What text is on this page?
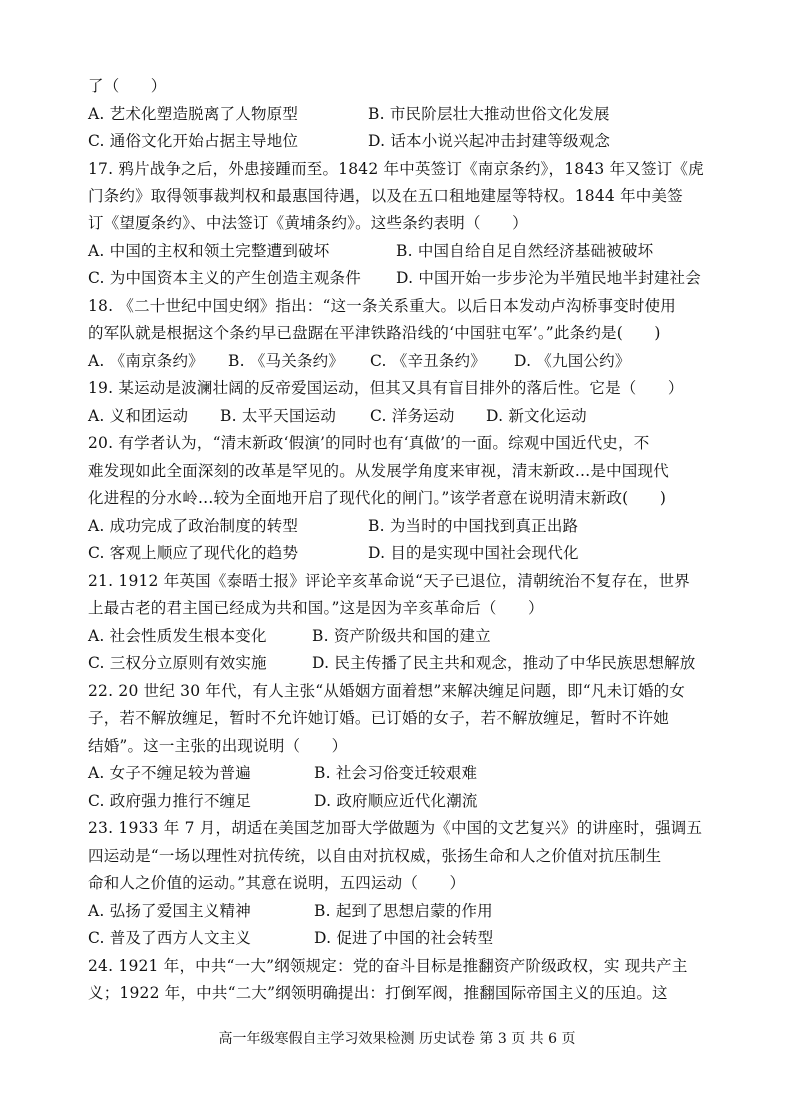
了（　　）
A. 艺术化塑造脱离了人物原型	B. 市民阶层壮大推动世俗文化发展
C. 通俗文化开始占据主导地位	D. 话本小说兴起冲击封建等级观念
17. 鸦片战争之后，外患接踵而至。1842 年中英签订《南京条约》，1843 年又签订《虎
门条约》取得领事裁判权和最惠国待遇，以及在五口租地建屋等特权。1844 年中美签
订《望厦条约》、中法签订《黄埔条约》。这些条约表明（　　）
A. 中国的主权和领土完整遭到破坏	B. 中国自给自足自然经济基础被破坏
C. 为中国资本主义的产生创造主观条件 D. 中国开始一步步沦为半殖民地半封建社会
18. 《二十世纪中国史纲》指出：“这一条关系重大。以后日本发动卢沟桥事变时使用
的军队就是根据这个条约早已盘踞在平津铁路沿线的‘中国驻屯军’。”此条约是(　　)
A. 《南京条约》 B. 《马关条约》 C. 《辛丑条约》 D. 《九国公约》
19. 某运动是波澜壮阔的反帝爱国运动，但其又具有盲目排外的落后性。它是（　　）
A. 义和团运动 B. 太平天国运动 C. 洋务运动 D. 新文化运动
20. 有学者认为，“清末新政‘假演’的同时也有‘真做’的一面。综观中国近代史，不
难发现如此全面深刻的改革是罕见的。从发展学角度来审视，清末新政…是中国现代
化进程的分水岭…较为全面地开启了现代化的闸门。”该学者意在说明清末新政(　　)
A. 成功完成了政治制度的转型	B. 为当时的中国找到真正出路
C. 客观上顺应了现代化的趋势	D. 目的是实现中国社会现代化
21. 1912 年英国《泰晤士报》评论辛亥革命说“天子已退位，清朝统治不复存在，世界
上最古老的君主国已经成为共和国。”这是因为辛亥革命后（　　）
A. 社会性质发生根本变化	B. 资产阶级共和国的建立
C. 三权分立原则有效实施	D. 民主传播了民主共和观念，推动了中华民族思想解放
22. 20 世纪 30 年代，有人主张“从婚姻方面着想”来解决缠足问题，即“凡未订婚的女
子，若不解放缠足，暂时不允许她订婚。已订婚的女子，若不解放缠足，暂时不许她
结婚”。这一主张的出现说明（　　）
A. 女子不缠足较为普遍	B. 社会习俗变迁较艰难
C. 政府强力推行不缠足	D. 政府顺应近代化潮流
23. 1933 年 7 月，胡适在美国芝加哥大学做题为《中国的文艺复兴》的讲座时，强调五
四运动是“一场以理性对抗传统，以自由对抗权威，张扬生命和人之价值对抗压制生
命和人之价值的运动。”其意在说明，五四运动（　　）
A. 弘扬了爱国主义精神	B. 起到了思想启蒙的作用
C. 普及了西方人文主义	D. 促进了中国的社会转型
24. 1921 年，中共“一大”纲领规定：党的奋斗目标是推翻资产阶级政权，实 现共产主
义；1922 年，中共“二大”纲领明确提出：打倒军阀，推翻国际帝国主义的压迫。这
高一年级寒假自主学习效果检测 历史试卷 第 3 页 共 6 页
